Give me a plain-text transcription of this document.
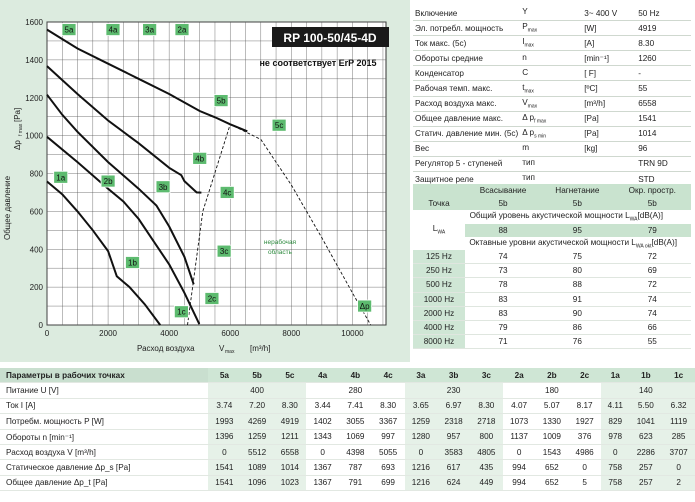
0	2000	4000	6000	8000	10000
0
200
400
600
800
1000
1200
1400
1600
нерабочая
область
5a	4a	3a	2a
5b
5c
4b
4c
3b
3c
2b
2c
1a
1b
1c
Δp
RP 100-50/45-4D
не соответствует ErP 2015
Общее давление
Δp
f max
[Pa]
Расход воздуха	V max [m³/h]
Включение	Y	3~ 400 V	50 Hz
Эл. потребл. мощность	$P_{max}$	[W]	4919
Ток макс. (5c)	$I_{max}$	[A]	8.30
Обороты средние	n	[min⁻¹]	1260
Конденсатор	C	[ F]	-
Рабочая темп. макс.	$t_{max}$	[ºC]	55
Расход воздуха макс.	$V_{max}$	[m³/h]	6558
Общее давление макс.	Δ $p_{f max}$	[Pa]	1541
Статич. давление мин. (5c)	Δ $p_{s min}$	[Pa]	1014
Вес	m	[kg]	96
Регулятор 5 - ступеней	тип		TRN 9D
Защитное реле	тип		STD
	Всасывание	Нагнетание	Окр. простр.
Точка	5b	5b	5b
Общий уровень акустической мощности $L_{WA}[dB(A)]$			
$L_{WA}$	88	95	79
Октавные уровни акустической мощности $L_{WA okt}[dB(A)]$			
125 Hz	74	75	72
250 Hz	73	80	69
500 Hz	78	88	72
1000 Hz	83	91	74
2000 Hz	83	90	74
4000 Hz	79	86	66
8000 Hz	71	76	55
Параметры в рабочих точках	5a	5b	5c	4a	4b	4c	3a	3b	3c	2a	2b	2c	1a	1b	1c
Питание U [V]		400			280			230			180			140	
Ток I [A]	3.74	7.20	8.30	3.44	7.41	8.30	3.65	6.97	8.30	4.07	5.07	8.17	4.11	5.50	6.32
Потребм. мощность P [W]	1993	4269	4919	1402	3055	3367	1259	2318	2718	1073	1330	1927	829	1041	1119
Обороты n [min⁻¹]	1396	1259	1211	1343	1069	997	1280	957	800	1137	1009	376	978	623	285
Расход воздуха V [m³/h]	0	5512	6558	0	4398	5055	0	3583	4805	0	1543	4986	0	2286	3707
Статическое давление Δp_s [Pa]	1541	1089	1014	1367	787	693	1216	617	435	994	652	0	758	257	0
Общее давление Δp_t [Pa]	1541	1096	1023	1367	791	699	1216	624	449	994	652	5	758	257	2
